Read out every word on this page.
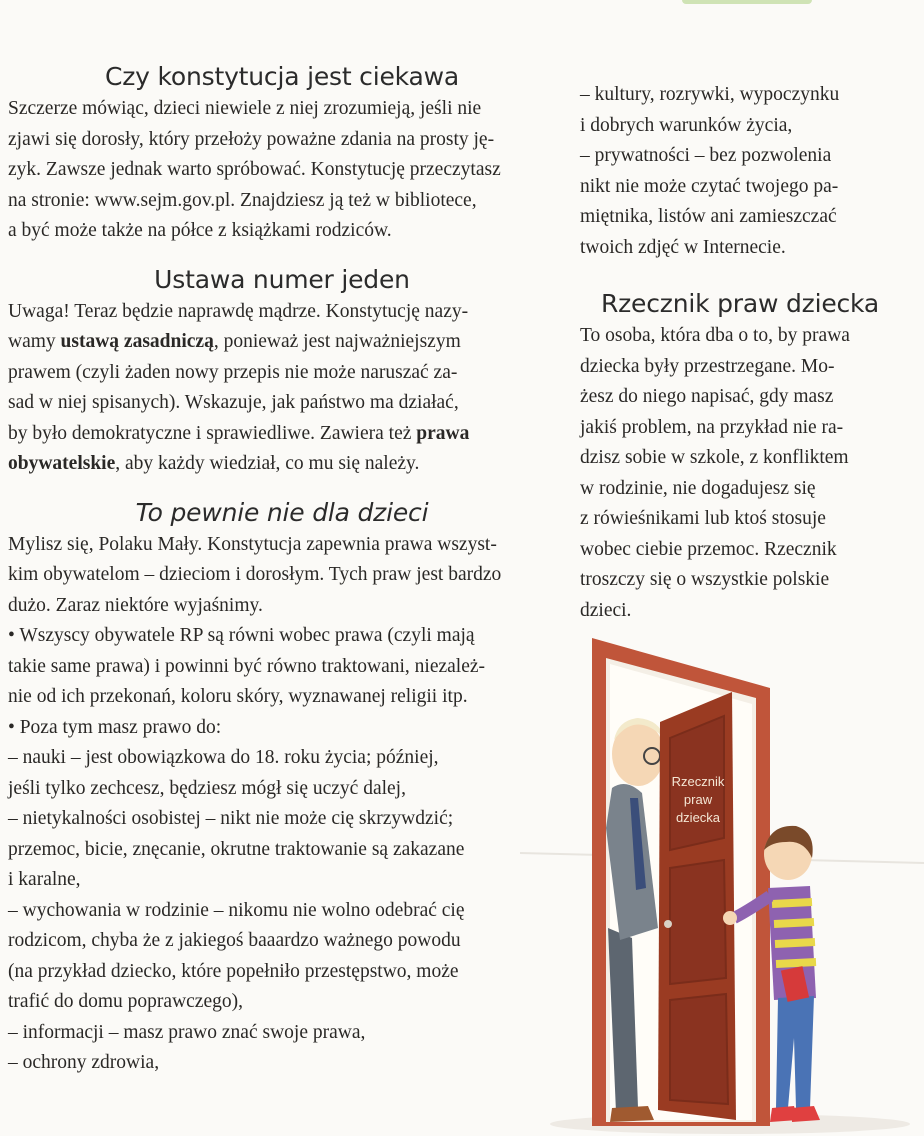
Czy konstytucja jest ciekawa

Szczerze mówiąc, dzieci niewiele z niej zrozumieją, jeśli nie
zjawi się dorosły, który przełoży poważne zdania na prosty ję-
zyk. Zawsze jednak warto spróbować. Konstytucję przeczytasz
na stronie: www.sejm.gov.pl. Znajdziesz ją też w bibliotece,
a być może także na półce z książkami rodziców.

Ustawa numer jeden

Uwaga! Teraz będzie naprawdę mądrze. Konstytucję nazy-
wamy ustawą zasadniczą, ponieważ jest najważniejszym
prawem (czyli żaden nowy przepis nie może naruszać za-
sad w niej spisanych). Wskazuje, jak państwo ma działać,
by było demokratyczne i sprawiedliwe. Zawiera też prawa
obywatelskie, aby każdy wiedział, co mu się należy.

To pewnie nie dla dzieci

Mylisz się, Polaku Mały. Konstytucja zapewnia prawa wszyst-
kim obywatelom – dzieciom i dorosłym. Tych praw jest bardzo
dużo. Zaraz niektóre wyjaśnimy.
• Wszyscy obywatele RP są równi wobec prawa (czyli mają
takie same prawa) i powinni być równo traktowani, niezależ-
nie od ich przekonań, koloru skóry, wyznawanej religii itp.
• Poza tym masz prawo do:
– nauki – jest obowiązkowa do 18. roku życia; później,
jeśli tylko zechcesz, będziesz mógł się uczyć dalej,
– nietykalności osobistej – nikt nie może cię skrzywdzić;
przemoc, bicie, znęcanie, okrutne traktowanie są zakazane
i karalne,
– wychowania w rodzinie – nikomu nie wolno odebrać cię
rodzicom, chyba że z jakiegoś baaardzo ważnego powodu
(na przykład dziecko, które popełniło przestępstwo, może
trafić do domu poprawczego),
– informacji – masz prawo znać swoje prawa,
– ochrony zdrowia,

– kultury, rozrywki, wypoczynku
i dobrych warunków życia,
– prywatności – bez pozwolenia
nikt nie może czytać twojego pa-
miętnika, listów ani zamieszczać
twoich zdjęć w Internecie.

Rzecznik praw dziecka

To osoba, która dba o to, by prawa
dziecka były przestrzegane. Mo-
żesz do niego napisać, gdy masz
jakiś problem, na przykład nie ra-
dzisz sobie w szkole, z konfliktem
w rodzinie, nie dogadujesz się
z rówieśnikami lub ktoś stosuje
wobec ciebie przemoc. Rzecznik
troszczy się o wszystkie polskie
dzieci.

Rzecznik
praw
dziecka
